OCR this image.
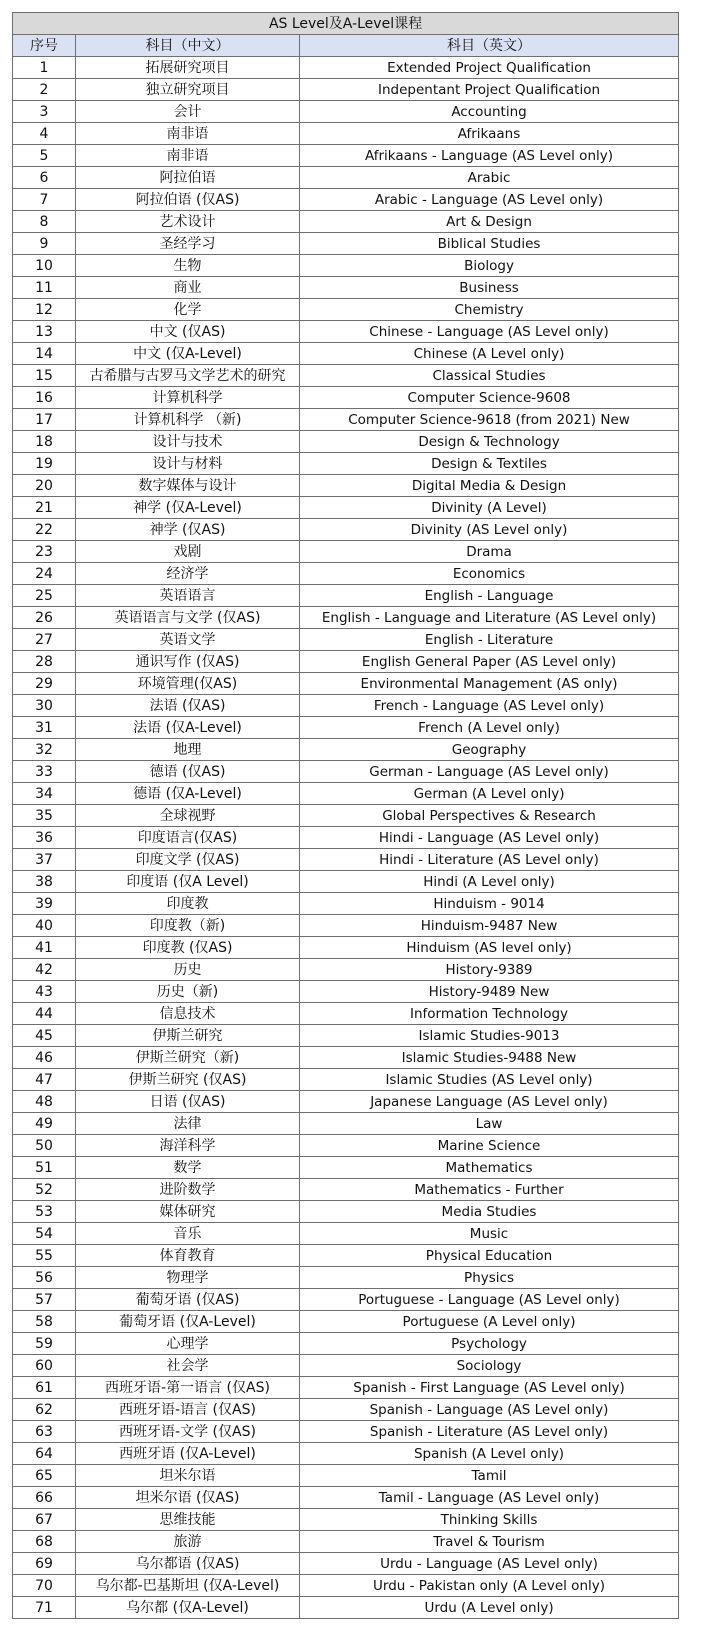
AS Level及A-Level课程		
序号	科目（中文）	科目（英文）
1	拓展研究项目	Extended Project Qualification
2	独立研究项目	Indepentant Project Qualification
3	会计	Accounting
4	南非语	Afrikaans
5	南非语	Afrikaans - Language (AS Level only)
6	阿拉伯语	Arabic
7	阿拉伯语 (仅AS)	Arabic - Language (AS Level only)
8	艺术设计	Art & Design
9	圣经学习	Biblical Studies
10	生物	Biology
11	商业	Business
12	化学	Chemistry
13	中文 (仅AS)	Chinese - Language (AS Level only)
14	中文 (仅A-Level)	Chinese (A Level only)
15	古希腊与古罗马文学艺术的研究	Classical Studies
16	计算机科学	Computer Science-9608
17	计算机科学 （新)	Computer Science-9618 (from 2021) New
18	设计与技术	Design & Technology
19	设计与材料	Design & Textiles
20	数字媒体与设计	Digital Media & Design
21	神学 (仅A-Level)	Divinity (A Level)
22	神学 (仅AS)	Divinity (AS Level only)
23	戏剧	Drama
24	经济学	Economics
25	英语语言	English - Language
26	英语语言与文学 (仅AS)	English - Language and Literature (AS Level only)
27	英语文学	English - Literature
28	通识写作 (仅AS)	English General Paper (AS Level only)
29	环境管理(仅AS)	Environmental Management (AS only)
30	法语 (仅AS)	French - Language (AS Level only)
31	法语 (仅A-Level)	French (A Level only)
32	地理	Geography
33	德语 (仅AS)	German - Language (AS Level only)
34	德语 (仅A-Level)	German (A Level only)
35	全球视野	Global Perspectives & Research
36	印度语言(仅AS)	Hindi - Language (AS Level only)
37	印度文学 (仅AS)	Hindi - Literature (AS Level only)
38	印度语 (仅A Level)	Hindi (A Level only)
39	印度教	Hinduism - 9014
40	印度教（新)	Hinduism-9487 New
41	印度教 (仅AS)	Hinduism (AS level only)
42	历史	History-9389
43	历史（新)	History-9489 New
44	信息技术	Information Technology
45	伊斯兰研究	Islamic Studies-9013
46	伊斯兰研究（新)	Islamic Studies-9488 New
47	伊斯兰研究 (仅AS)	Islamic Studies (AS Level only)
48	日语 (仅AS)	Japanese Language (AS Level only)
49	法律	Law
50	海洋科学	Marine Science
51	数学	Mathematics
52	进阶数学	Mathematics - Further
53	媒体研究	Media Studies
54	音乐	Music
55	体育教育	Physical Education
56	物理学	Physics
57	葡萄牙语 (仅AS)	Portuguese - Language (AS Level only)
58	葡萄牙语 (仅A-Level)	Portuguese (A Level only)
59	心理学	Psychology
60	社会学	Sociology
61	西班牙语-第一语言 (仅AS)	Spanish - First Language (AS Level only)
62	西班牙语-语言 (仅AS)	Spanish - Language (AS Level only)
63	西班牙语-文学 (仅AS)	Spanish - Literature (AS Level only)
64	西班牙语 (仅A-Level)	Spanish (A Level only)
65	坦米尔语	Tamil
66	坦米尔语 (仅AS)	Tamil - Language (AS Level only)
67	思维技能	Thinking Skills
68	旅游	Travel & Tourism
69	乌尔都语 (仅AS)	Urdu - Language (AS Level only)
70	乌尔都-巴基斯坦 (仅A-Level)	Urdu - Pakistan only (A Level only)
71	乌尔都 (仅A-Level)	Urdu (A Level only)
